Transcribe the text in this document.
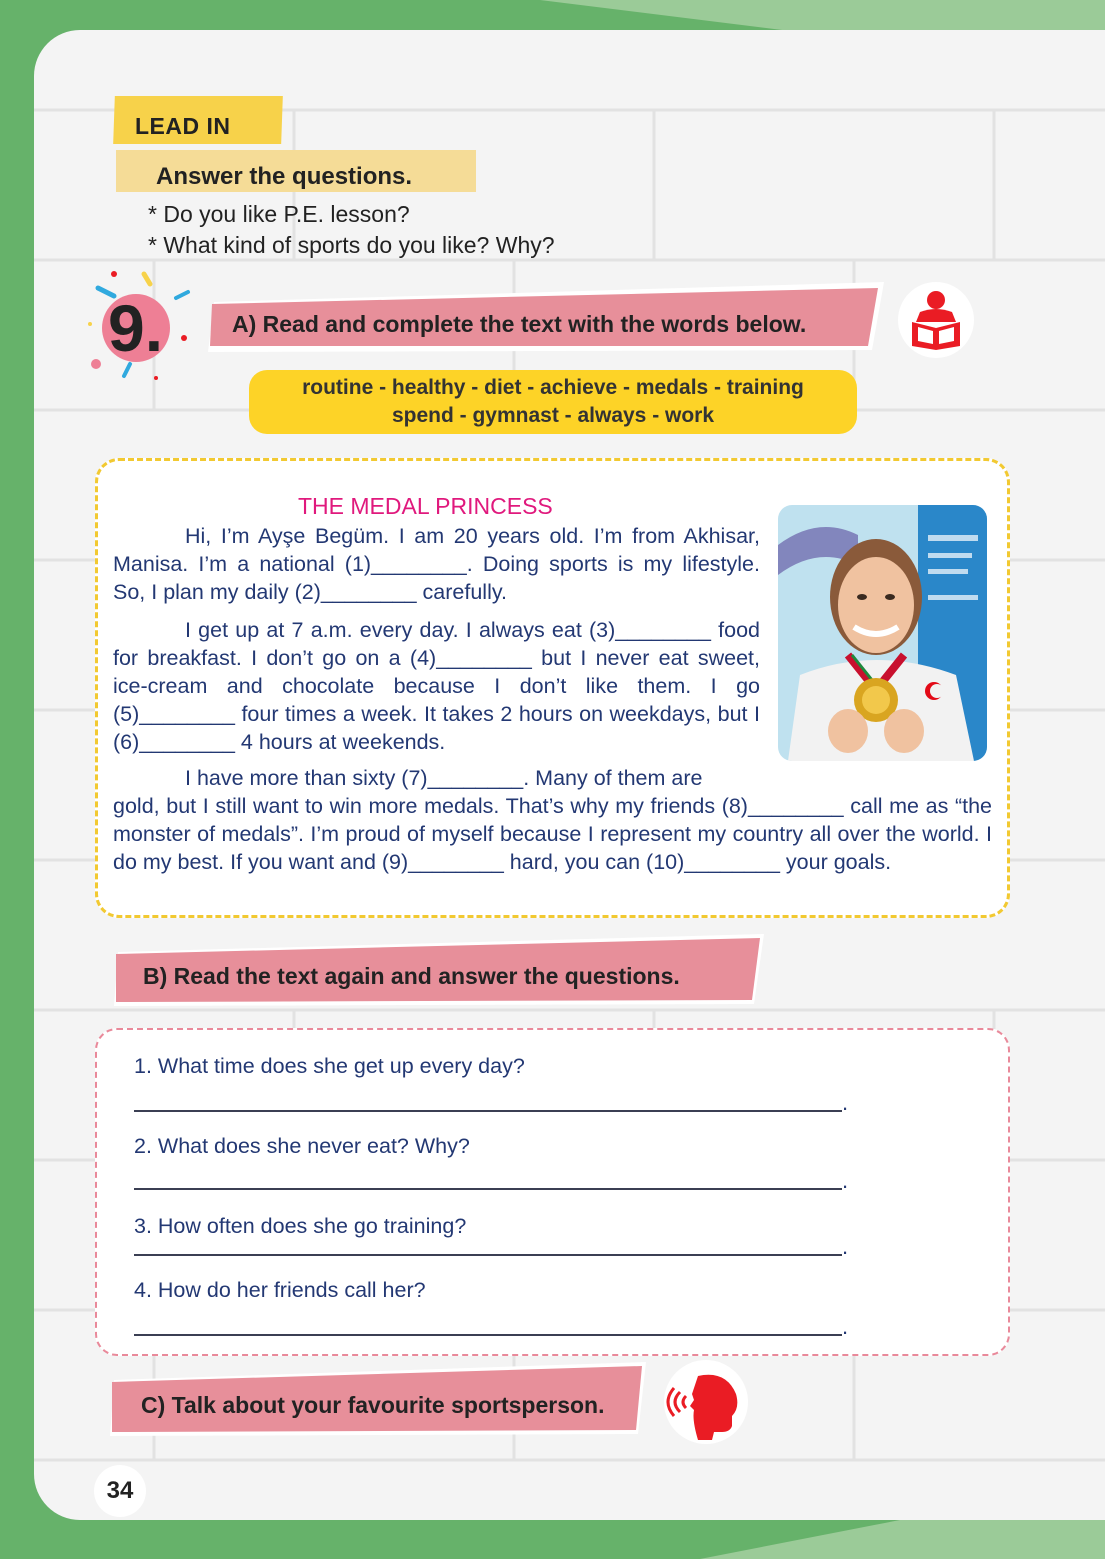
LEAD IN
Answer the questions.
* Do you like P.E. lesson?
* What kind of sports do you like? Why?
9.	A) Read and complete the text with the words below.
routine - healthy - diet - achieve - medals - training
spend - gymnast - always - work
THE MEDAL PRINCESS
Hi, I’m Ayşe Begüm. I am 20 years old. I’m from Akhisar, Manisa. I’m a national (1)________. Doing sports is my lifestyle. So, I plan my daily (2)________ carefully.
I get up at 7 a.m. every day. I always eat (3)________ food for breakfast. I don’t go on a (4)________ but I never eat sweet, ice-cream and chocolate because I don’t like them. I go (5)________ four times a week. It takes 2 hours on weekdays, but I (6)________ 4 hours at weekends.
I have more than sixty (7)________. Many of them are
gold, but I still want to win more medals. That’s why my friends (8)________ call me as “the monster of medals”. I’m proud of myself because I represent my country all over the world. I do my best. If you want and (9)________ hard, you can (10)________ your goals.
B) Read the text again and answer the questions.
1. What time does she get up every day?
.
2. What does she never eat? Why?
.
3. How often does she go training?
.
4. How do her friends call her?
.
C) Talk about your favourite sportsperson.
34
